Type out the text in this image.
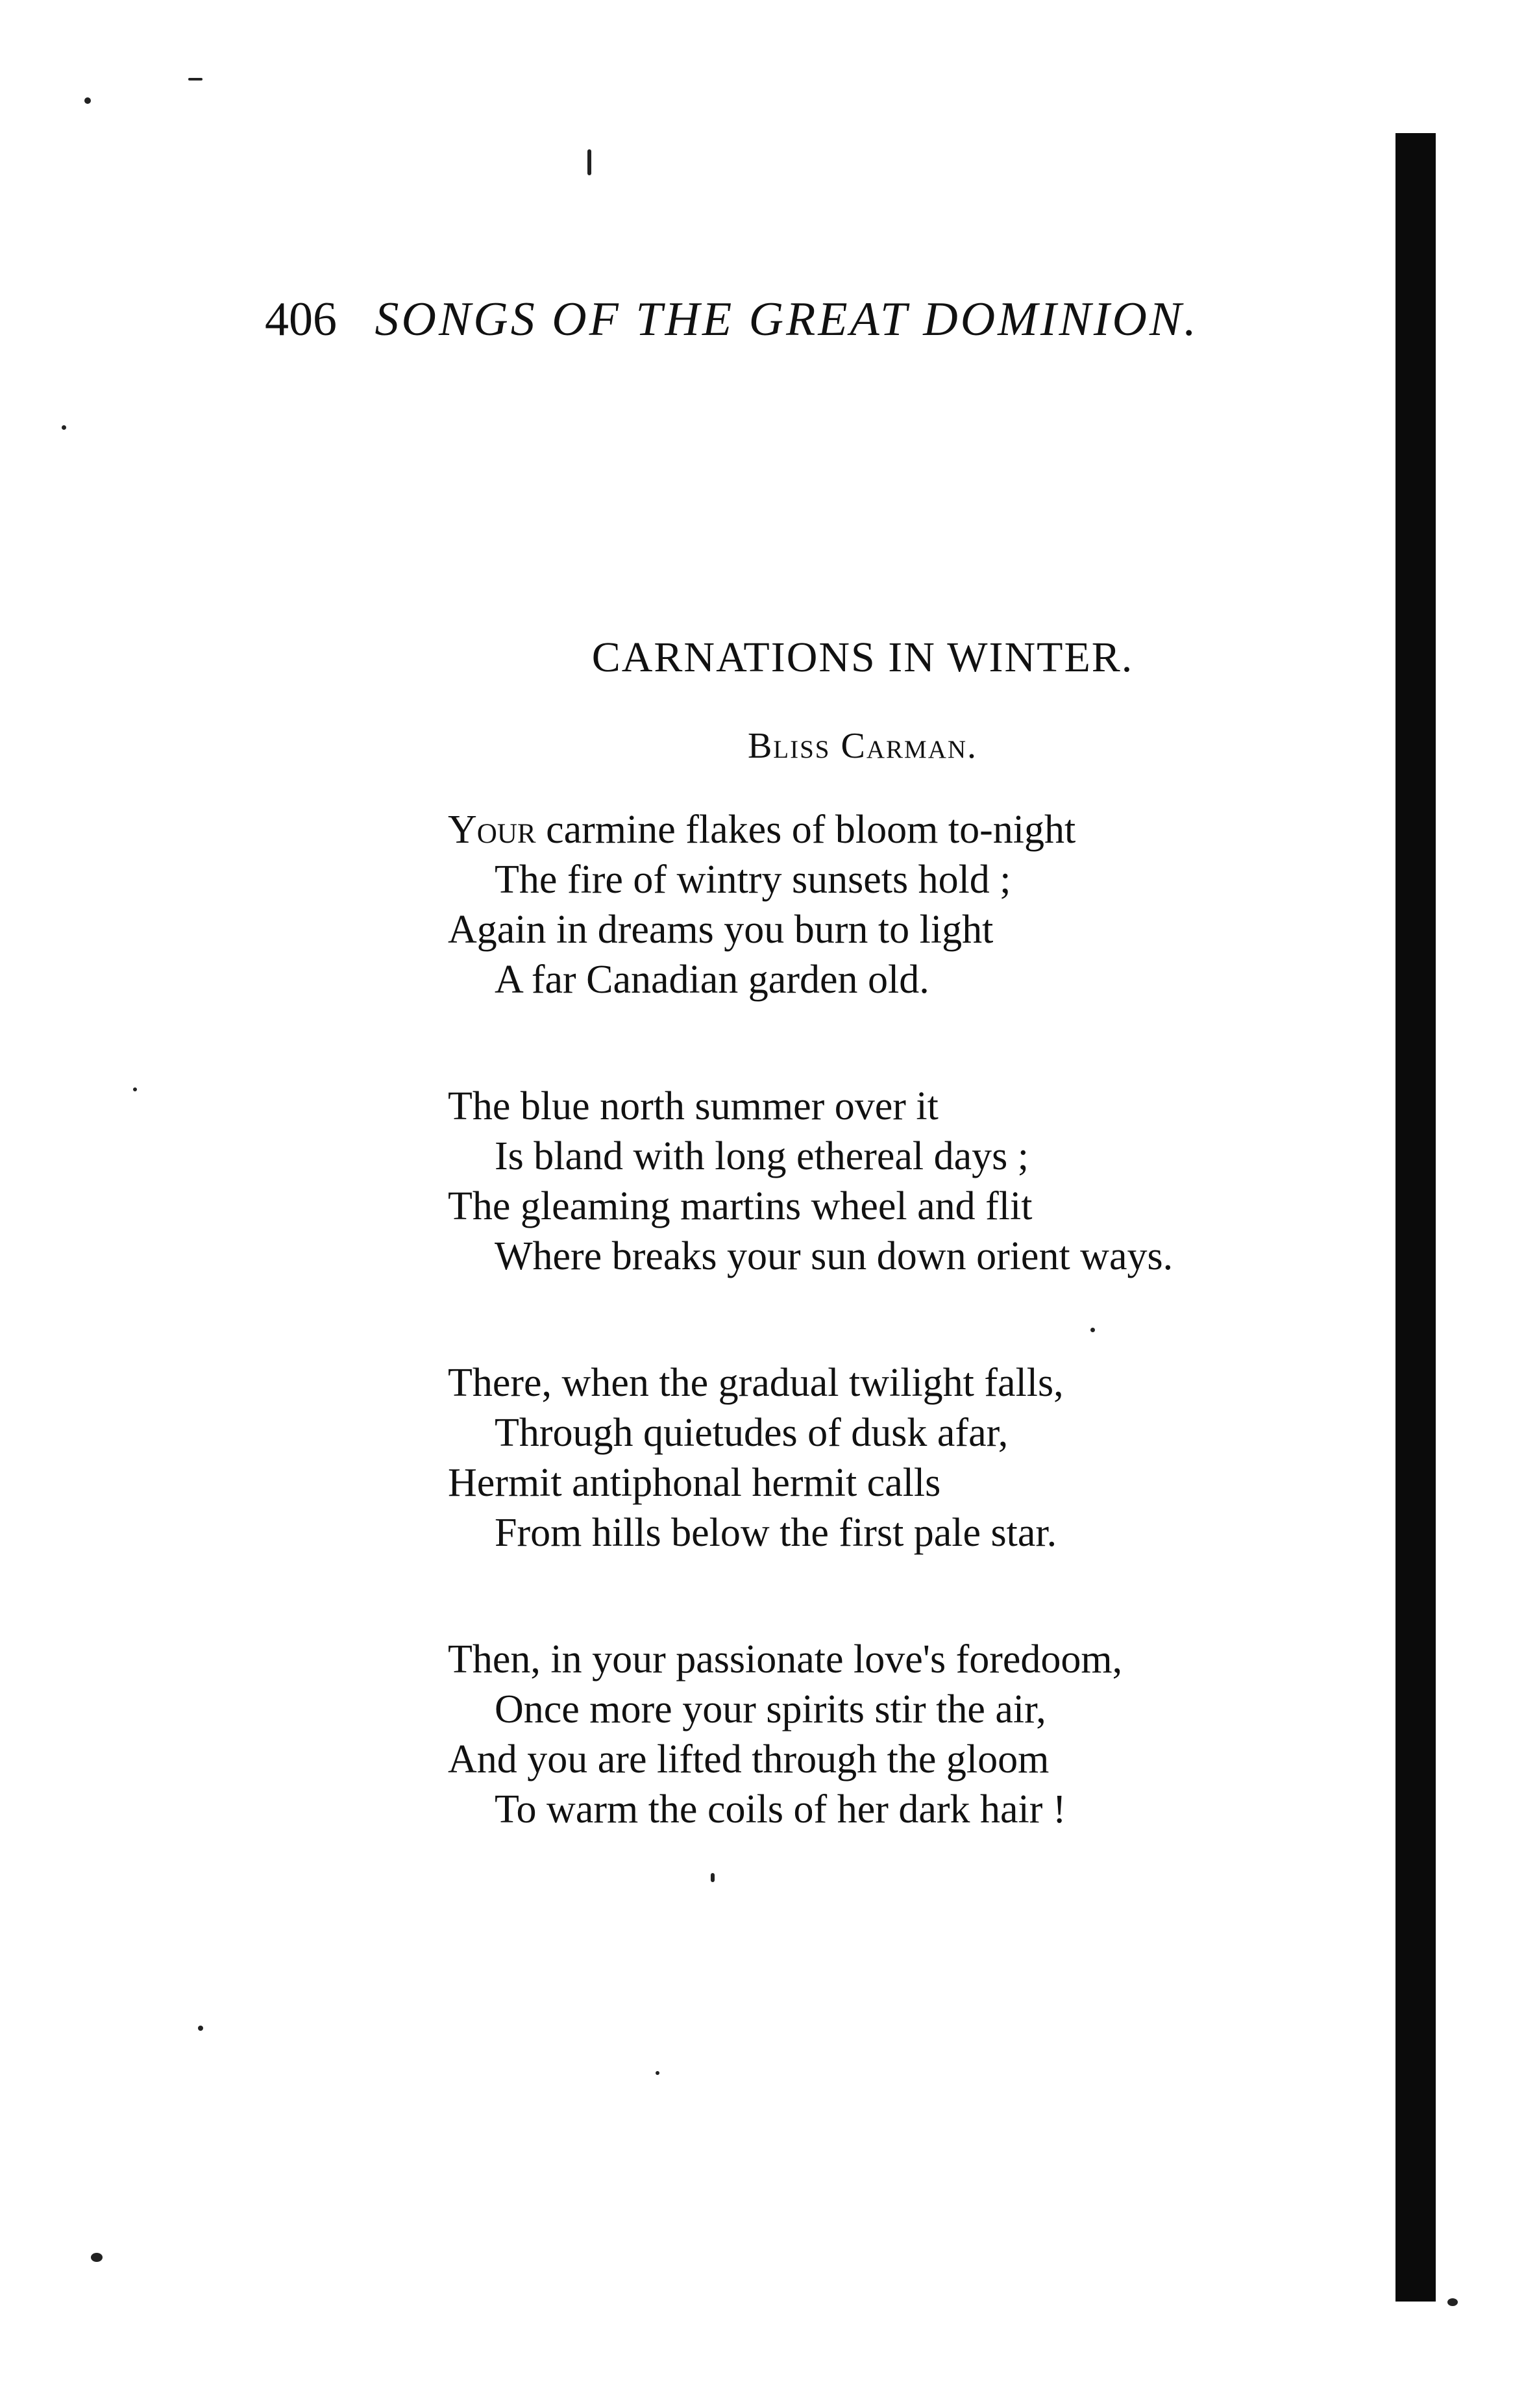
406 SONGS OF THE GREAT DOMINION.
CARNATIONS IN WINTER.
Bliss Carman.
Your carmine flakes of bloom to-night
The fire of wintry sunsets hold ;
Again in dreams you burn to light
A far Canadian garden old.
The blue north summer over it
Is bland with long ethereal days ;
The gleaming martins wheel and flit
Where breaks your sun down orient ways.
There, when the gradual twilight falls,
Through quietudes of dusk afar,
Hermit antiphonal hermit calls
From hills below the first pale star.
Then, in your passionate love's foredoom,
Once more your spirits stir the air,
And you are lifted through the gloom
To warm the coils of her dark hair !
